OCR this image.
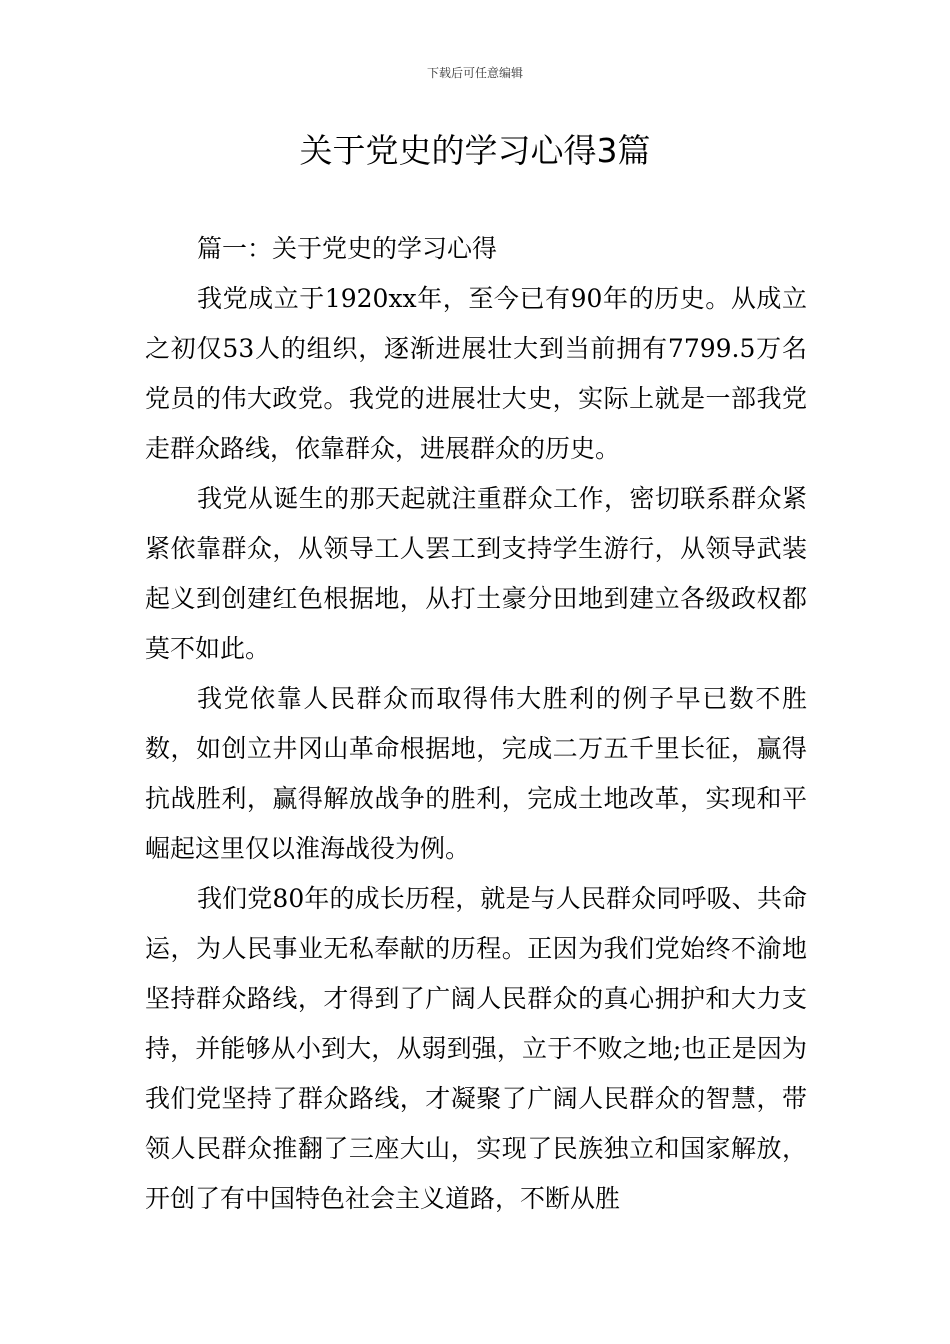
下载后可任意编辑
关于党史的学习心得3篇

篇一：关于党史的学习心得

我党成立于1920xx年，至今已有90年的历史。从成立之初仅53人的组织，逐渐进展壮大到当前拥有7799.5万名党员的伟大政党。我党的进展壮大史，实际上就是一部我党走群众路线，依靠群众，进展群众的历史。

我党从诞生的那天起就注重群众工作，密切联系群众紧紧依靠群众，从领导工人罢工到支持学生游行，从领导武装起义到创建红色根据地，从打土豪分田地到建立各级政权都莫不如此。

我党依靠人民群众而取得伟大胜利的例子早已数不胜数，如创立井冈山革命根据地，完成二万五千里长征，赢得抗战胜利，赢得解放战争的胜利，完成土地改革，实现和平崛起这里仅以淮海战役为例。

我们党80年的成长历程，就是与人民群众同呼吸、共命运，为人民事业无私奉献的历程。正因为我们党始终不渝地坚持群众路线，才得到了广阔人民群众的真心拥护和大力支持，并能够从小到大，从弱到强，立于不败之地;也正是因为我们党坚持了群众路线，才凝聚了广阔人民群众的智慧，带领人民群众推翻了三座大山，实现了民族独立和国家解放，开创了有中国特色社会主义道路，不断从胜
